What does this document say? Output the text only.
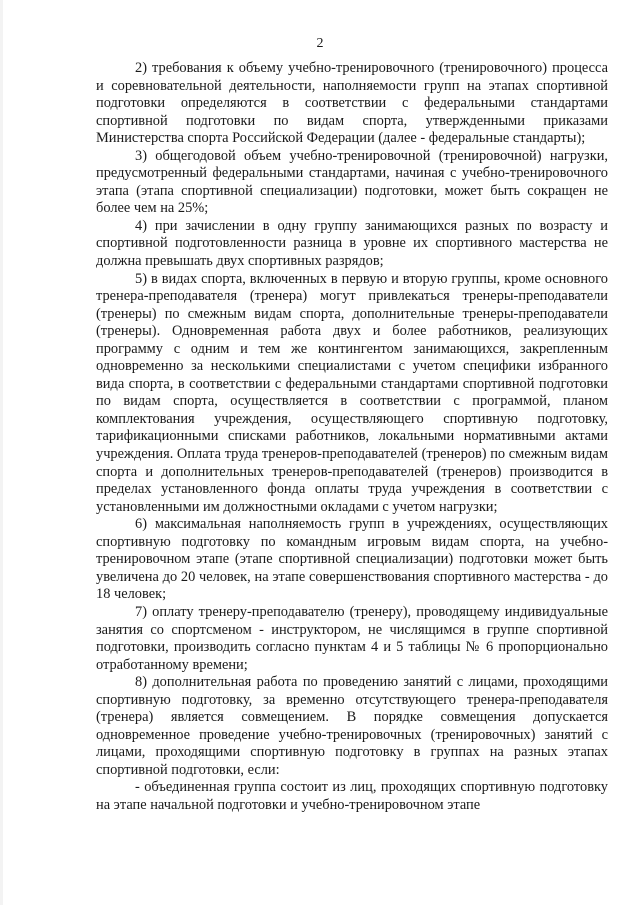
2

2) требования к объему учебно-тренировочного (тренировочного) процесса и соревновательной деятельности, наполняемости групп на этапах спортивной подготовки определяются в соответствии с федеральными стандартами спортивной подготовки по видам спорта, утвержденными приказами Министерства спорта Российской Федерации (далее - федеральные стандарты);

3) общегодовой объем учебно-тренировочной (тренировочной) нагрузки, предусмотренный федеральными стандартами, начиная с учебно-тренировочного этапа (этапа спортивной специализации) подготовки, может быть сокращен не более чем на 25%;

4) при зачислении в одну группу занимающихся разных по возрасту и спортивной подготовленности разница в уровне их спортивного мастерства не должна превышать двух спортивных разрядов;

5) в видах спорта, включенных в первую и вторую группы, кроме основного тренера-преподавателя (тренера) могут привлекаться тренеры-преподаватели (тренеры) по смежным видам спорта, дополнительные тренеры-преподаватели (тренеры). Одновременная работа двух и более работников, реализующих программу с одним и тем же контингентом занимающихся, закрепленным одновременно за несколькими специалистами с учетом специфики избранного вида спорта, в соответствии с федеральными стандартами спортивной подготовки по видам спорта, осуществляется в соответствии с программой, планом комплектования учреждения, осуществляющего спортивную подготовку, тарификационными списками работников, локальными нормативными актами учреждения. Оплата труда тренеров-преподавателей (тренеров) по смежным видам спорта и дополнительных тренеров-преподавателей (тренеров) производится в пределах установленного фонда оплаты труда учреждения в соответствии с установленными им должностными окладами с учетом нагрузки;

6) максимальная наполняемость групп в учреждениях, осуществляющих спортивную подготовку по командным игровым видам спорта, на учебно-тренировочном этапе (этапе спортивной специализации) подготовки может быть увеличена до 20 человек, на этапе совершенствования спортивного мастерства - до 18 человек;

7) оплату тренеру-преподавателю (тренеру), проводящему индивидуальные занятия со спортсменом - инструктором, не числящимся в группе спортивной подготовки, производить согласно пунктам 4 и 5 таблицы № 6 пропорционально отработанному времени;

8) дополнительная работа по проведению занятий с лицами, проходящими спортивную подготовку, за временно отсутствующего тренера-преподавателя (тренера) является совмещением. В порядке совмещения допускается одновременное проведение учебно-тренировочных (тренировочных) занятий с лицами, проходящими спортивную подготовку в группах на разных этапах спортивной подготовки, если:

- объединенная группа состоит из лиц, проходящих спортивную подготовку на этапе начальной подготовки и учебно-тренировочном этапе
